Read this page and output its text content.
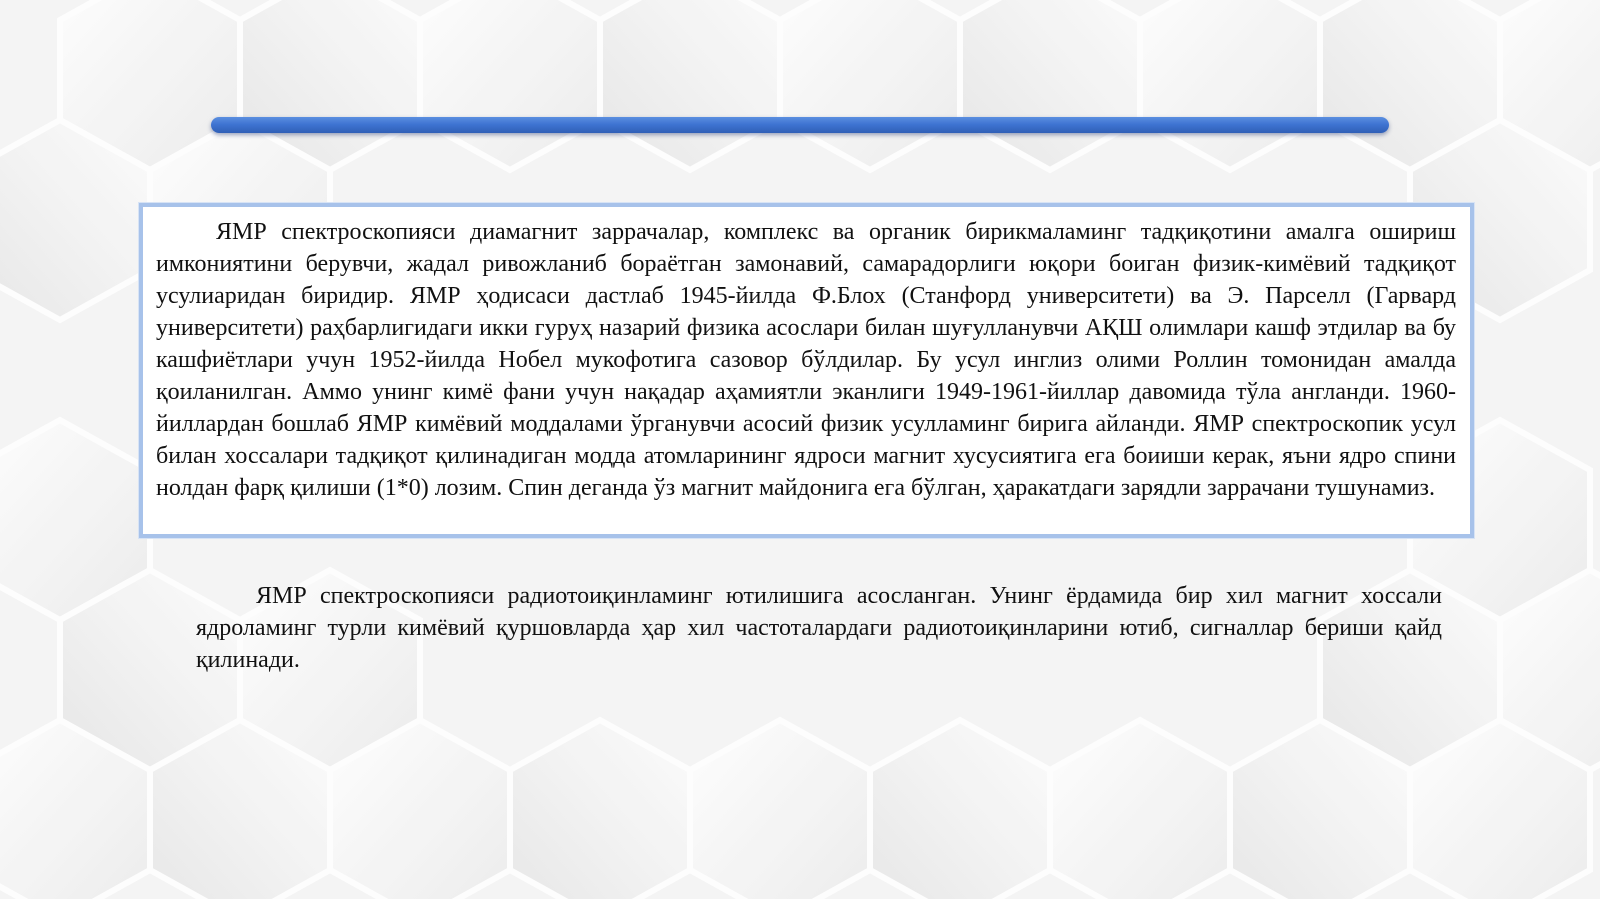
ЯМР спектроскопияси диамагнит заррачалар, комплекс ва органик бирикмаламинг тадқиқотини амалга ошириш имкониятини берувчи, жадал ривожланиб бораётган замонавий, самарадорлиги юқори боиган физик-кимёвий тадқиқот усулиаридан биридир. ЯМР ҳодисаси дастлаб 1945-йилда Ф.Блох (Станфорд университети) ва Э. Парселл (Гарвард университети) раҳбарлигидаги икки гуруҳ назарий физика асослари билан шуғулланувчи АҚШ олимлари кашф этдилар ва бу кашфиётлари учун 1952-йилда Нобел мукофотига сазовор бўлдилар. Бу усул инглиз олими Роллин томонидан амалда қоиланилган. Аммо унинг кимё фани учун нақадар аҳамиятли эканлиги 1949-1961-йиллар давомида тўла англанди. 1960-йиллардан бошлаб ЯМР кимёвий моддалами ўрганувчи асосий физик усулламинг бирига айланди. ЯМР спектроскопик усул билан хоссалари тадқиқот қилинадиган модда атомларининг ядроси магнит хусусиятига ега боииши керак, яъни ядро спини нолдан фарқ қилиши (1*0) лозим. Спин деганда ўз магнит майдонига ега бўлган, ҳаракатдаги зарядли заррачани тушунамиз.

ЯМР спектроскопияси радиотоиқинламинг ютилишига асосланган. Унинг ёрдамида бир хил магнит хоссали ядроламинг турли кимёвий қуршовларда ҳар хил частоталардаги радиотоиқинларини ютиб, сигналлар бериши қайд қилинади.
